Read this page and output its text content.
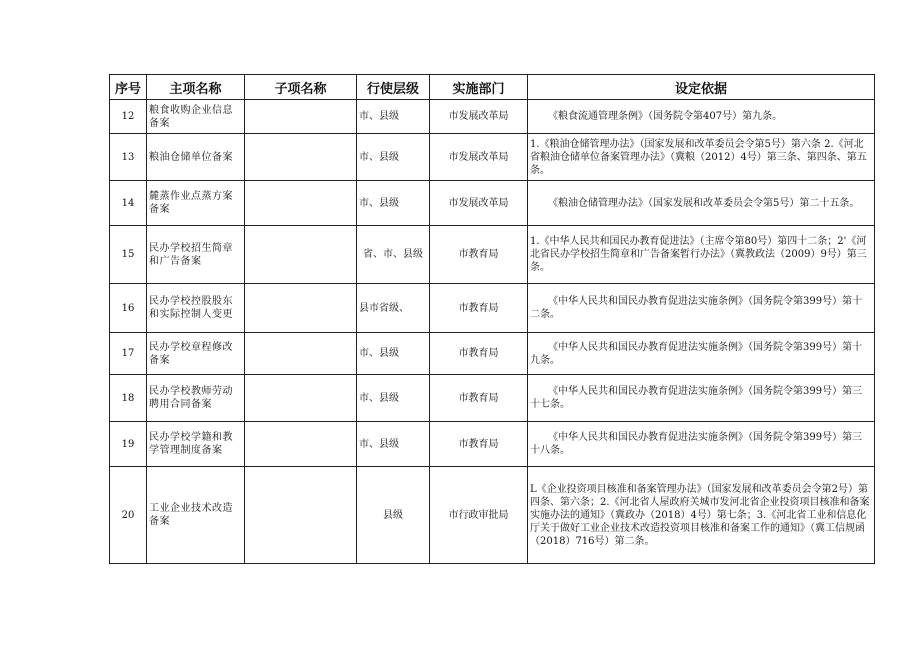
序号	主项名称	子项名称	行使层级	实施部门	设定依据
12	粮食收购企业信息备案		市、县级	市发展改革局	《粮食流通管理条例》（国务院令第407号）第九条。
13	粮油仓储单位备案		市、县级	市发展改革局	1.《粮油仓储管理办法》（国家发展和改革委员会令第5号）第六条 2.《河北省粮油仓储单位备案管理办法》（冀粮（2012）4号）第三条、第四条、第五条。
14	麓蒸作业点蒸方案备案		市、县级	市发展改革局	《粮油仓储管理办法》（国家发展和改革委员会令第5号）第二十五条。
15	民办学校招生简章和广告备案		省、市、县级	市教育局	1.《中华人民共和国民办教育促进法》（主席令第80号）第四十二条；2'《河北省民办学校招生简章和广告备案暂行办法》（冀教政法（2009）9号）第三条。
16	民办学校控股股东和实际控制人变更		县市省级、	市教育局	《中华人民共和国民办教育促进法实施条例》（国务院令第399号）第十二条。
17	民办学校章程修改备案		市、县级	市教育局	《中华人民共和国民办教育促进法实施条例》（国务院令第399号）第十九条。
18	民办学校教师劳动聘用合同备案		市、县级	市教育局	《中华人民共和国民办教育促进法实施条例》（国务院令第399号）第三十七条。
19	民办学校学籍和教学管理制度备案		市、县级	市教育局	《中华人民共和国民办教育促进法实施条例》（国务院令第399号）第三十八条。
20	工业企业技术改造备案		县级	市行政审批局	L《企业投资项目核准和备案管理办法》（国家发展和改革委员会令第2号）第四条、第六条；2.《河北省人屋政府关城市发河北省企业投资项目核准和备案实施办法的通知》（冀政办（2018）4号）第七条；3.《河北省工业和信息化厅关于做好工业企业技术改造投资项目核准和备案工作的通知》（冀工信规函（2018）716号）第二条。
